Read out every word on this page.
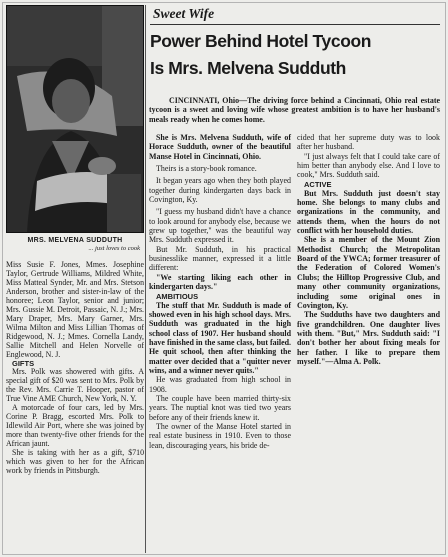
MRS. MELVENA SUDDUTH
... just loves to cook

Miss Susie F. Jones, Mmes. Josephine Taylor, Gertrude Williams, Mildred White, Miss Matteal Synder, Mr. and Mrs. Stetson Anderson, brother and sister-in-law of the honoree; Leon Taylor, senior and junior; Mrs. Gussie M. Detroit, Passaic, N. J.; Mrs. Mary Draper, Mrs. Mary Garner, Mrs. Wilma Milton and Miss Lillian Thomas of Ridgewood, N. J.; Mmes. Cornella Landy, Sallie Mitchell and Helen Norvelle of Englewood, N. J.

GIFTS

Mrs. Polk was showered with gifts. A special gift of $20 was sent to Mrs. Polk by the Rev. Mrs. Carrie T. Hooper, pastor of True Vine AME Church, New York, N. Y.

A motorcade of four cars, led by Mrs. Corine P. Bragg, escorted Mrs. Polk to Idlewild Air Port, where she was joined by more than twenty-five other friends for the African jaunt.

She is taking with her as a gift, $710 which was given to her for the African work by friends in Pittsburgh.

Sweet Wife
Power Behind Hotel Tycoon
Is Mrs. Melvena Sudduth
CINCINNATI, Ohio—The driving force behind a Cincinnati, Ohio real estate tycoon is a sweet and loving wife whose greatest ambition is to have her husband's meals ready when he comes home.

She is Mrs. Melvena Sudduth, wife of Horace Sudduth, owner of the beautiful Manse Hotel in Cincinnati, Ohio.

Theirs is a story-book romance.

It began years ago when they both played together during kindergarten days back in Covington, Ky.

"I guess my husband didn't have a chance to look around for anybody else, because we grew up together," was the beautiful way Mrs. Sudduth expressed it.

But Mr. Sudduth, in his practical businesslike manner, expressed it a little different:

"We starting liking each other in kindergarten days."

AMBITIOUS

The stuff that Mr. Sudduth is made of showed even in his high school days. Mrs. Sudduth was graduated in the high school class of 1907. Her husband should have finished in the same class, but failed. He quit school, then after thinking the matter over decided that a "quitter never wins, and a winner never quits."

He was graduated from high school in 1908.

The couple have been married thirty-six years. The nuptial knot was tied two years before any of their friends knew it.

The owner of the Manse Hotel started in real estate business in 1910. Even to those lean, discouraging years, his bride de-

cided that her supreme duty was to look after her husband.

"I just always felt that I could take care of him better than anybody else. And I love to cook," Mrs. Sudduth said.

ACTIVE

But Mrs. Sudduth just doesn't stay home. She belongs to many clubs and organizations in the community, and attends them, when the hours do not conflict with her household duties.

She is a member of the Mount Zion Methodist Church; the Metropolitan Board of the YWCA; former treasurer of the Federation of Colored Women's Clubs; the Hilltop Progressive Club, and many other community organizations, including some original ones in Covington, Ky.

The Sudduths have two daughters and five grandchildren. One daughter lives with them. "But," Mrs. Sudduth said: "I don't bother her about fixing meals for her father. I like to prepare them myself."—Alma A. Polk.
